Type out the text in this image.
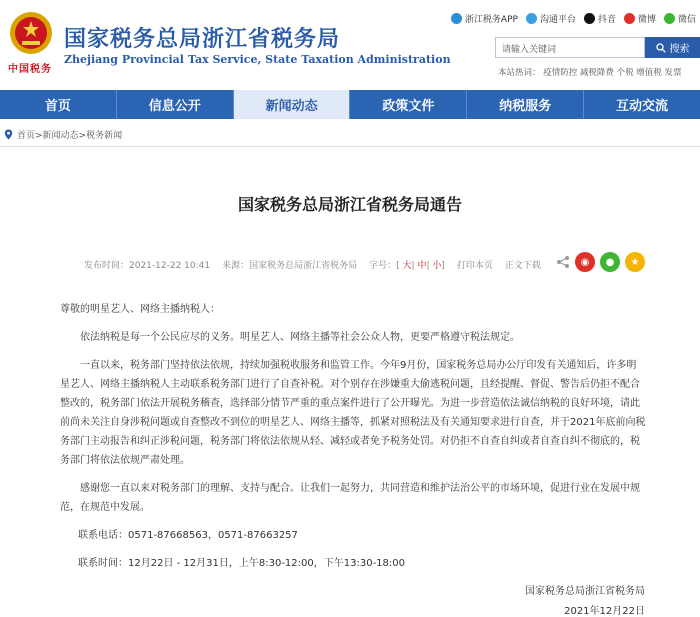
中国税务
国家税务总局浙江省税务局
Zhejiang Provincial Tax Service, State Taxation Administration
浙江税务APP 沟通平台 抖音 微博 微信
请输入关键词	搜索
本站热词： 疫情防控 减税降费 个税 增值税 发票
首页	信息公开	新闻动态	政策文件	纳税服务	互动交流
首页>新闻动态>税务新闻
国家税务总局浙江省税务局通告
发布时间：2021-12-22 10:41 来源：国家税务总局浙江省税务局 字号：[ 大| 中| 小] 打印本页 正文下载	◉	●	★

尊敬的明星艺人、网络主播纳税人：

依法纳税是每一个公民应尽的义务。明星艺人、网络主播等社会公众人物，更要严格遵守税法规定。

一直以来，税务部门坚持依法依规，持续加强税收服务和监管工作。今年9月份，国家税务总局办公厅印发有关通知后，许多明星艺人、网络主播纳税人主动联系税务部门进行了自查补税。对个别存在涉嫌重大偷逃税问题，且经提醒、督促、警告后仍拒不配合整改的，税务部门依法开展税务稽查，选择部分情节严重的重点案件进行了公开曝光。为进一步营造依法诚信纳税的良好环境，请此前尚未关注自身涉税问题或自查整改不到位的明星艺人、网络主播等，抓紧对照税法及有关通知要求进行自查，并于2021年底前向税务部门主动报告和纠正涉税问题，税务部门将依法依规从轻、减轻或者免予税务处罚。对仍拒不自查自纠或者自查自纠不彻底的，税务部门将依法依规严肃处理。

感谢您一直以来对税务部门的理解、支持与配合。让我们一起努力，共同营造和维护法治公平的市场环境，促进行业在发展中规范，在规范中发展。

联系电话：0571-87668563，0571-87663257

联系时间：12月22日 - 12月31日，上午8:30-12:00，下午13:30-18:00

国家税务总局浙江省税务局
2021年12月22日
